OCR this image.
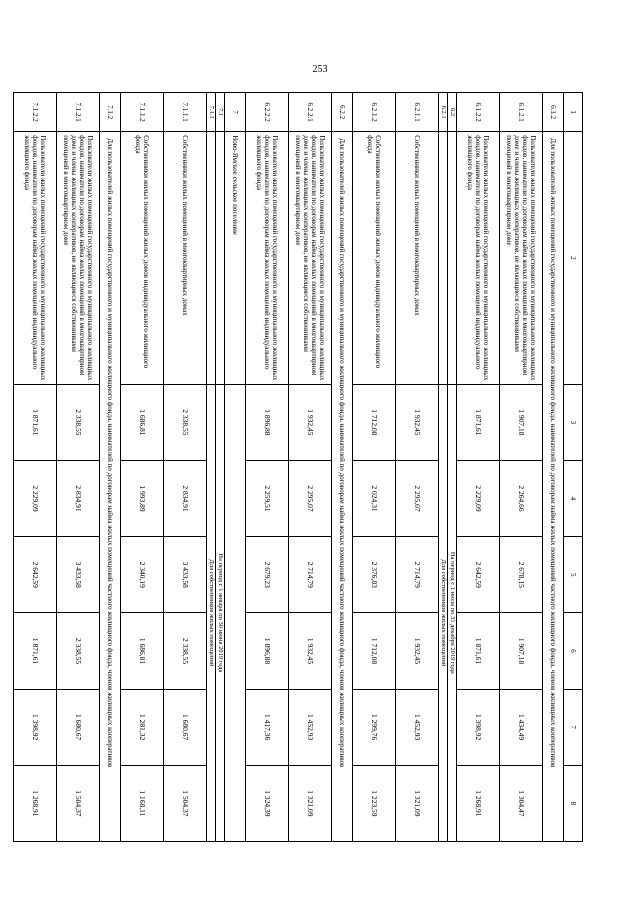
253
1	2	3	4	5	6	7	8
6.1.2	Для пользователей жилых помещений государственного и муниципального жилищного фонда, нанимателей по договорам найма жилых помещений частного жилищного фонда, членов жилищных кооперативов						
6.1.2.1	Пользователи жилых помещений государственного и муниципального жилищных фондов, наниматели по договорам найма жилых помещений в многоквартирном доме и члены жилищных кооперативов, не являющиеся собственниками помещений в многоквартирном доме	1 907,18	2 264,66	2 678,15	1 907,18	1 434,49	1 304,47
6.1.2.2	Пользователи жилых помещений государственного и муниципального жилищных фондов, наниматели по договорам найма жилых помещений индивидуального жилищного фонда	1 871,61	2 229,09	2 642,59	1 871,61	1 398,92	1 268,91
6.2		На период с 1 июля по 31 декабря 2019 года					
6.2.1		Для собственников жилых помещений					
6.2.1.1	Собственники жилых помещений в многоквартирных домах	1 932,45	2 295,07	2 714,79	1 932,45	1 452,93	1 321,09
6.2.1.2	Собственники жилых помещений жилых домов индивидуального жилищного фонда	1 712,08	2 024,31	2 376,83	1 712,08	1 299,76	1 223,59
6.2.2	Для пользователей жилых помещений государственного и муниципального жилищного фонда, нанимателей по договорам найма жилых помещений частного жилищного фонда, членов жилищных кооперативов						
6.2.2.1	Пользователи жилых помещений государственного и муниципального жилищных фондов, наниматели по договорам найма жилых помещений в многоквартирном доме и члены жилищных кооперативов, не являющиеся собственниками помещений в многоквартирном доме	1 932,45	2 295,07	2 714,79	1 932,45	1 452,93	1 321,09
6.2.2.2	Пользователи жилых помещений государственного и муниципального жилищных фондов, наниматели по договорам найма жилых помещений индивидуального жилищного фонда	1 896,88	2 259,51	2 679,23	1 896,88	1 417,36	1 324,39
7	Ново-Ямское сельское поселение						
7.1		На период с 1 января по 30 июня 2019 года					
7.1.1		Для собственников жилых помещений					
7.1.1.1	Собственники жилых помещений в многоквартирных домах	2 338,55	2 834,91	3 433,58	2 338,55	1 680,67	1 504,37
7.1.1.2	Собственники жилых помещений жилых домов индивидуального жилищного фонда	1 686,81	1 993,89	2 340,19	1 686,81	1 281,32	1 168,11
7.1.2	Для пользователей жилых помещений государственного и муниципального жилищного фонда, нанимателей по договорам найма жилых помещений частного жилищного фонда, членов жилищных кооперативов						
7.1.2.1	Пользователи жилых помещений государственного и муниципального жилищных фондов, наниматели по договорам найма жилых помещений в многоквартирном доме и члены жилищных кооперативов, не являющиеся собственниками помещений в многоквартирном доме	2 338,55	2 834,91	3 433,58	2 338,55	1 680,67	1 504,37
7.1.2.2	Пользователи жилых помещений государственного и муниципального жилищных фондов, наниматели по договорам найма жилых помещений индивидуального жилищного фонда	1 871,61	2 229,09	2 642,59	1 871,61	1 398,92	1 268,91
